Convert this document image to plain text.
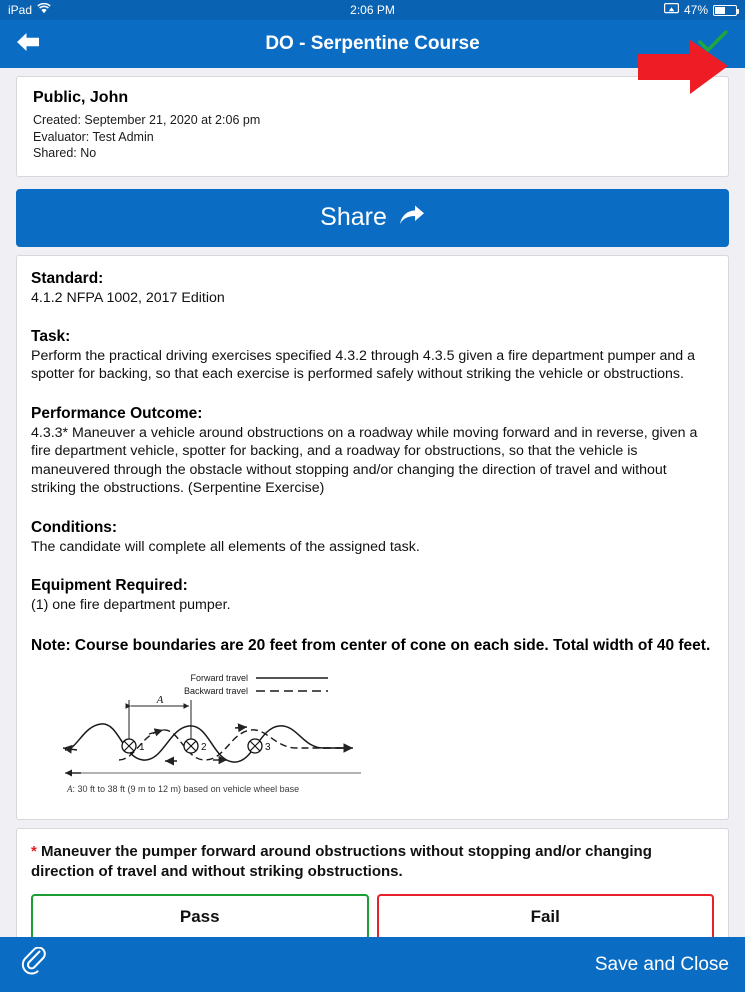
iPad	2:06 PM	47%
DO - Serpentine Course
Public, John
Created: September 21, 2020 at 2:06 pm
Evaluator: Test Admin
Shared: No
Share
Standard:
4.1.2 NFPA 1002, 2017 Edition
Task:
Perform the practical driving exercises specified 4.3.2 through 4.3.5 given a fire department pumper and a spotter for backing, so that each exercise is performed safely without striking the vehicle or obstructions.
Performance Outcome:
4.3.3* Maneuver a vehicle around obstructions on a roadway while moving forward and in reverse, given a fire department vehicle, spotter for backing, and a roadway for obstructions, so that the vehicle is maneuvered through the obstacle without stopping and/or changing the direction of travel and without striking the obstructions. (Serpentine Exercise)
Conditions:
The candidate will complete all elements of the assigned task.
Equipment Required:
(1) one fire department pumper.
Note: Course boundaries are 20 feet from center of cone on each side. Total width of 40 feet.
Forward travel
Backward travel
A
1	2	3
A: 30 ft to 38 ft (9 m to 12 m) based on vehicle wheel base
* Maneuver the pumper forward around obstructions without stopping and/or changing direction of travel and without striking obstructions.
Pass	Fail
Save and Close
